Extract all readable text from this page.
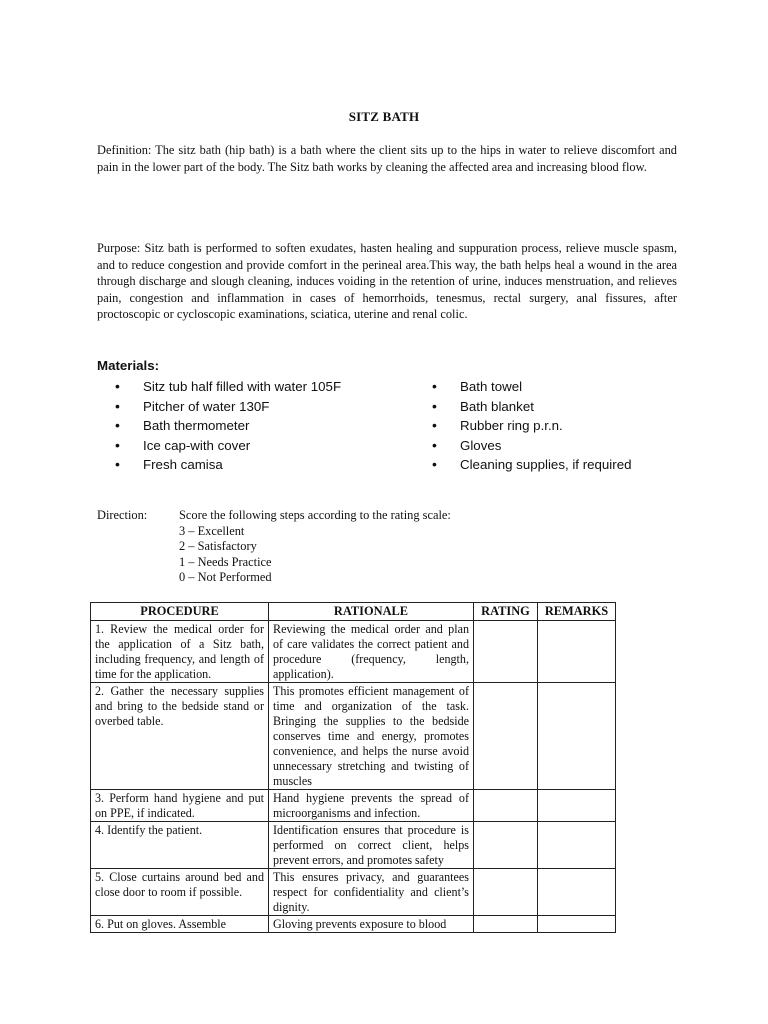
SITZ BATH

Definition: The sitz bath (hip bath) is a bath where the client sits up to the hips in water to relieve discomfort and pain in the lower part of the body. The Sitz bath works by cleaning the affected area and increasing blood flow.

Purpose: Sitz bath is performed to soften exudates, hasten healing and suppuration process, relieve muscle spasm, and to reduce congestion and provide comfort in the perineal area.This way, the bath helps heal a wound in the area through discharge and slough cleaning, induces voiding in the retention of urine, induces menstruation, and relieves pain, congestion and inflammation in cases of hemorrhoids, tenesmus, rectal surgery, anal fissures, after proctoscopic or cycloscopic examinations, sciatica, uterine and renal colic.

Materials:
• Sitz tub half filled with water 105F
• Pitcher of water 130F
• Bath thermometer
• Ice cap-with cover
• Fresh camisa
• Bath towel
• Bath blanket
• Rubber ring p.r.n.
• Gloves
• Cleaning supplies, if required
Direction:	Score the following steps according to the rating scale:
3 – Excellent
2 – Satisfactory
1 – Needs Practice
0 – Not Performed
PROCEDURE	RATIONALE	RATING	REMARKS
1. Review the medical order for the application of a Sitz bath, including frequency, and length of time for the application.	Reviewing the medical order and plan of care validates the correct patient and procedure (frequency, length, application).		
2. Gather the necessary supplies and bring to the bedside stand or overbed table.	This promotes efficient management of time and organization of the task. Bringing the supplies to the bedside conserves time and energy, promotes convenience, and helps the nurse avoid unnecessary stretching and twisting of muscles		
3. Perform hand hygiene and put on PPE, if indicated.	Hand hygiene prevents the spread of microorganisms and infection.		
4. Identify the patient.	Identification ensures that procedure is performed on correct client, helps prevent errors, and promotes safety		
5. Close curtains around bed and close door to room if possible.	This ensures privacy, and guarantees respect for confidentiality and client’s dignity.		
6. Put on gloves. Assemble	Gloving prevents exposure to blood		
